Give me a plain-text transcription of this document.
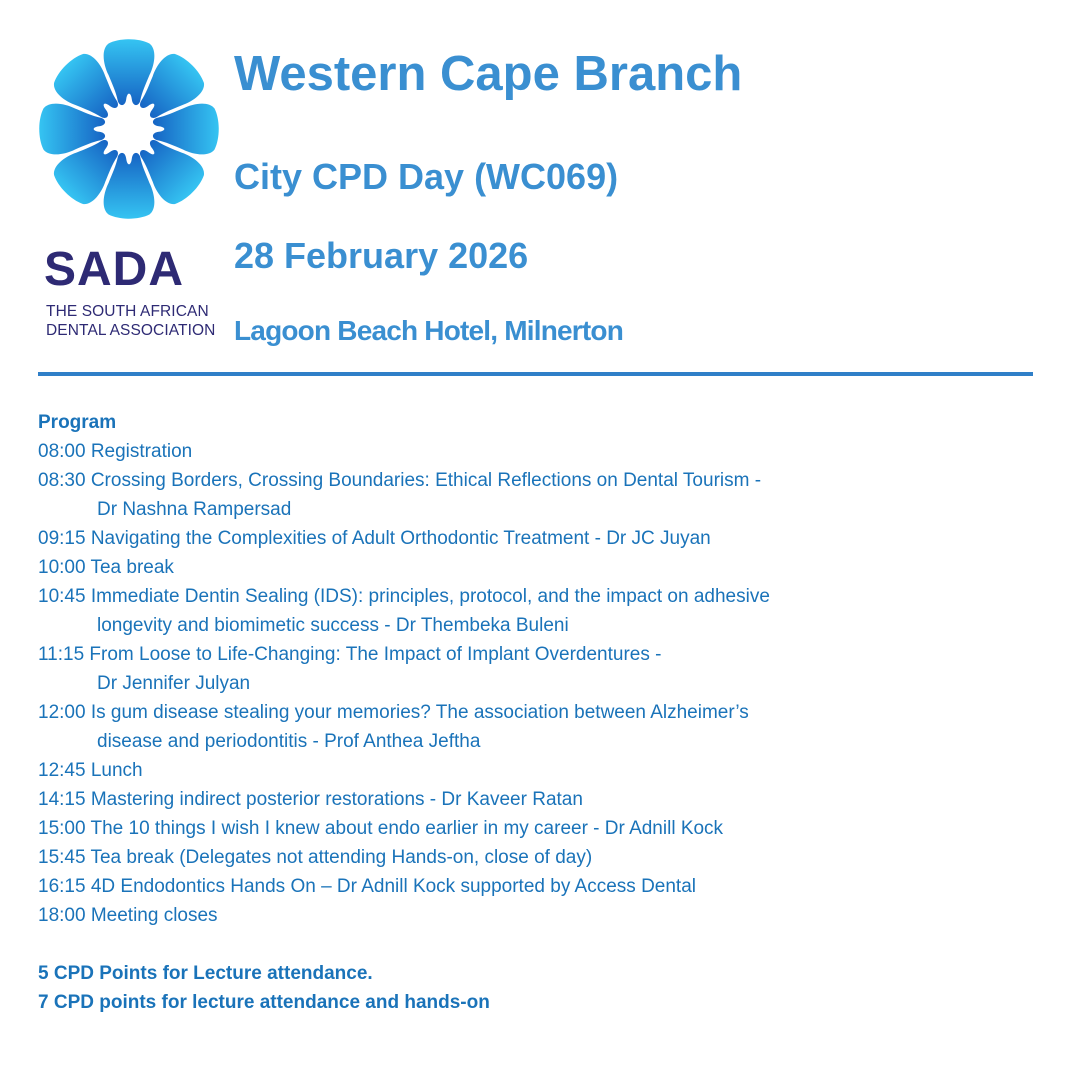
SADA
THE SOUTH AFRICAN
DENTAL ASSOCIATION
Western Cape Branch
City CPD Day (WC069)
28 February 2026
Lagoon Beach Hotel, Milnerton
Program
08:00 Registration
08:30 Crossing Borders, Crossing Boundaries: Ethical Reflections on Dental Tourism -
Dr Nashna Rampersad
09:15 Navigating the Complexities of Adult Orthodontic Treatment - Dr JC Juyan
10:00 Tea break
10:45 Immediate Dentin Sealing (IDS): principles, protocol, and the impact on adhesive
longevity and biomimetic success - Dr Thembeka Buleni
11:15 From Loose to Life-Changing: The Impact of Implant Overdentures -
Dr Jennifer Julyan
12:00 Is gum disease stealing your memories? The association between Alzheimer’s
disease and periodontitis - Prof Anthea Jeftha
12:45 Lunch
14:15 Mastering indirect posterior restorations - Dr Kaveer Ratan
15:00 The 10 things I wish I knew about endo earlier in my career - Dr Adnill Kock
15:45 Tea break (Delegates not attending Hands-on, close of day)
16:15 4D Endodontics Hands On – Dr Adnill Kock supported by Access Dental
18:00 Meeting closes
5 CPD Points for Lecture attendance.
7 CPD points for lecture attendance and hands-on
